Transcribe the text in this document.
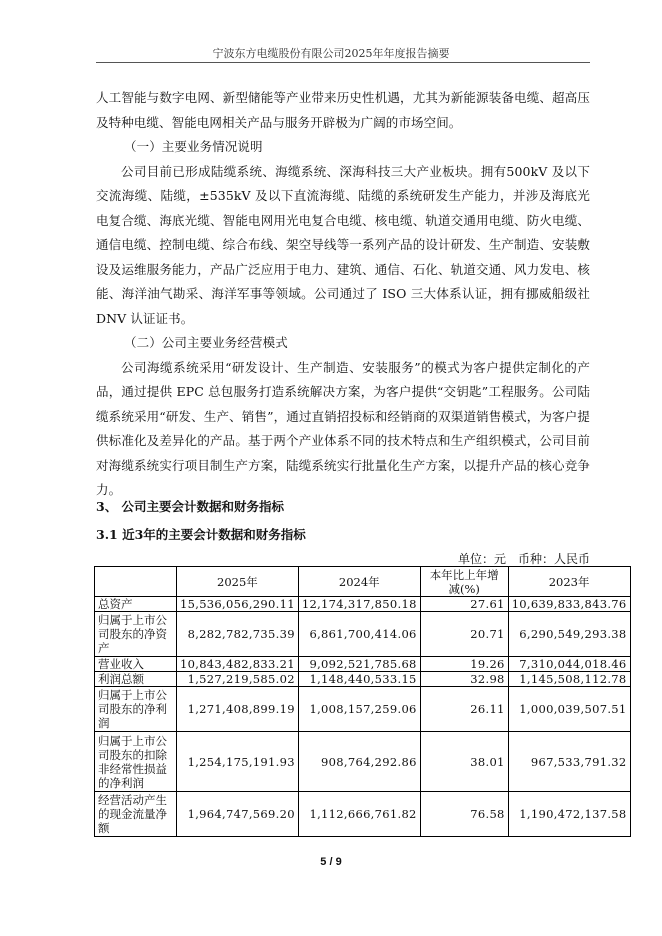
宁波东方电缆股份有限公司2025年年度报告摘要

人工智能与数字电网、新型储能等产业带来历史性机遇，尤其为新能源装备电缆、超高压及特种电缆、智能电网相关产品与服务开辟极为广阔的市场空间。

（一）主要业务情况说明

公司目前已形成陆缆系统、海缆系统、深海科技三大产业板块。拥有500kV 及以下交流海缆、陆缆，±535kV 及以下直流海缆、陆缆的系统研发生产能力，并涉及海底光电复合缆、海底光缆、智能电网用光电复合电缆、核电缆、轨道交通用电缆、防火电缆、通信电缆、控制电缆、综合布线、架空导线等一系列产品的设计研发、生产制造、安装敷设及运维服务能力，产品广泛应用于电力、建筑、通信、石化、轨道交通、风力发电、核能、海洋油气勘采、海洋军事等领域。公司通过了 ISO 三大体系认证，拥有挪威船级社 DNV 认证证书。

（二）公司主要业务经营模式

公司海缆系统采用“研发设计、生产制造、安装服务”的模式为客户提供定制化的产品，通过提供 EPC 总包服务打造系统解决方案，为客户提供“交钥匙”工程服务。公司陆缆系统采用“研发、生产、销售”，通过直销招投标和经销商的双渠道销售模式，为客户提供标准化及差异化的产品。基于两个产业体系不同的技术特点和生产组织模式，公司目前对海缆系统实行项目制生产方案，陆缆系统实行批量化生产方案，以提升产品的核心竞争力。

3、 公司主要会计数据和财务指标
3.1 近3年的主要会计数据和财务指标
单位：元　币种：人民币
	2025年	2024年	本年比上年增减(%)	2023年
总资产	15,536,056,290.11	12,174,317,850.18	27.61	10,639,833,843.76
归属于上市公司股东的净资产	8,282,782,735.39	6,861,700,414.06	20.71	6,290,549,293.38
营业收入	10,843,482,833.21	9,092,521,785.68	19.26	7,310,044,018.46
利润总额	1,527,219,585.02	1,148,440,533.15	32.98	1,145,508,112.78
归属于上市公司股东的净利润	1,271,408,899.19	1,008,157,259.06	26.11	1,000,039,507.51
归属于上市公司股东的扣除非经常性损益的净利润	1,254,175,191.93	908,764,292.86	38.01	967,533,791.32
经营活动产生的现金流量净额	1,964,747,569.20	1,112,666,761.82	76.58	1,190,472,137.58
5 / 9
